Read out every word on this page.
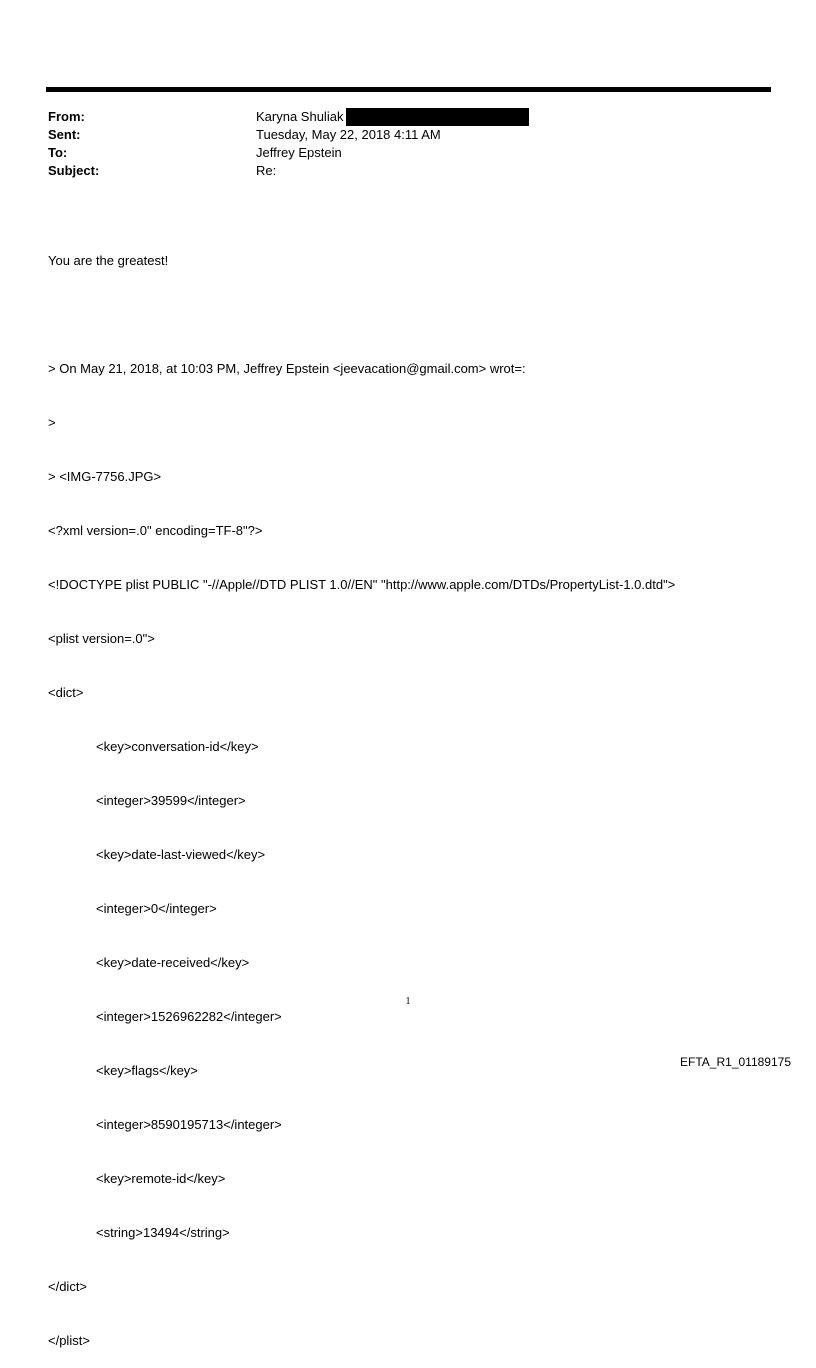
From:	Karyna Shuliak
Sent:	Tuesday, May 22, 2018 4:11 AM
To:	Jeffrey Epstein
Subject:	Re:

You are the greatest!

> On May 21, 2018, at 10:03 PM, Jeffrey Epstein <jeevacation@gmail.com> wrot=:

>

> <IMG-7756.JPG>

<?xml version=.0" encoding=TF-8"?>

<!DOCTYPE plist PUBLIC "-//Apple//DTD PLIST 1.0//EN" "http://www.apple.com/DTDs/PropertyList-1.0.dtd">

<plist version=.0">

<dict>

<key>conversation-id</key>

<integer>39599</integer>

<key>date-last-viewed</key>

<integer>0</integer>

<key>date-received</key>

<integer>1526962282</integer>

<key>flags</key>

<integer>8590195713</integer>

<key>remote-id</key>

<string>13494</string>

</dict>

</plist>

1
EFTA_R1_01189175
